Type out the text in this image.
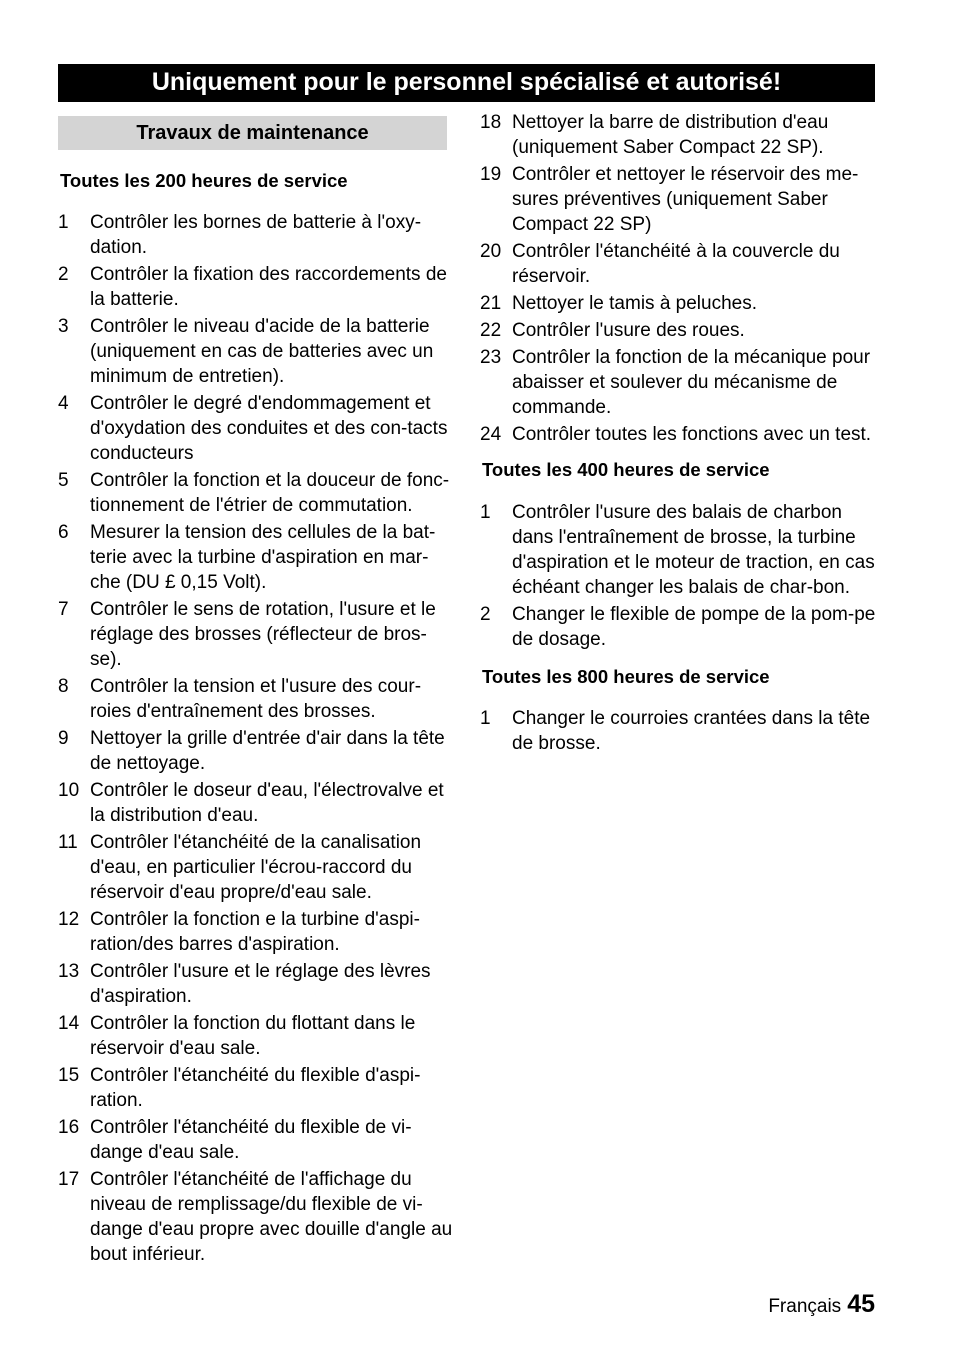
Uniquement pour le personnel spécialisé et autorisé!
Travaux de maintenance
Toutes les 200 heures de service
1	Contrôler les bornes de batterie à l'oxy-dation.
2	Contrôler la fixation des raccordements de la batterie.
3	Contrôler le niveau d'acide de la batterie (uniquement en cas de batteries avec un minimum de entretien).
4	Contrôler le degré d'endommagement et d'oxydation des conduites et des con-tacts conducteurs
5	Contrôler la fonction et la douceur de fonc-tionnement de l'étrier de commutation.
6	Mesurer la tension des cellules de la bat-terie avec la turbine d'aspiration en mar-che (DU £ 0,15 Volt).
7	Contrôler le sens de rotation, l'usure et le réglage des brosses (réflecteur de bros-se).
8	Contrôler la tension et l'usure des cour-roies d'entraînement des brosses.
9	Nettoyer la grille d'entrée d'air dans la tête de nettoyage.
10 Contrôler le doseur d'eau, l'électrovalve et la distribution d'eau.
11 Contrôler l'étanchéité de la canalisation d'eau, en particulier l'écrou-raccord du réservoir d'eau propre/d'eau sale.
12 Contrôler la fonction e la turbine d'aspi-ration/des barres d'aspiration.
13 Contrôler l'usure et le réglage des lèvres d'aspiration.
14 Contrôler la fonction du flottant dans le réservoir d'eau sale.
15 Contrôler l'étanchéité du flexible d'aspi-ration.
16 Contrôler l'étanchéité du flexible de vi-dange d'eau sale.
17 Contrôler l'étanchéité de l'affichage du niveau de remplissage/du flexible de vi-dange d'eau propre avec douille d'angle au bout inférieur.
18 Nettoyer la barre de distribution d'eau (uniquement Saber Compact 22 SP).
19 Contrôler et nettoyer le réservoir des me-sures préventives (uniquement Saber Compact 22 SP)
20 Contrôler l'étanchéité à la couvercle du réservoir.
21 Nettoyer le tamis à peluches.
22 Contrôler l'usure des roues.
23 Contrôler la fonction de la mécanique pour abaisser et soulever du mécanisme de commande.
24 Contrôler toutes les fonctions avec un test.
Toutes les 400 heures de service
1	Contrôler l'usure des balais de charbon dans l'entraînement de brosse, la turbine d'aspiration et le moteur de traction, en cas échéant changer les balais de char-bon.
2	Changer le flexible de pompe de la pom-pe de dosage.
Toutes les 800 heures de service
1	Changer le courroies crantées dans la tête de brosse.
Français 45
